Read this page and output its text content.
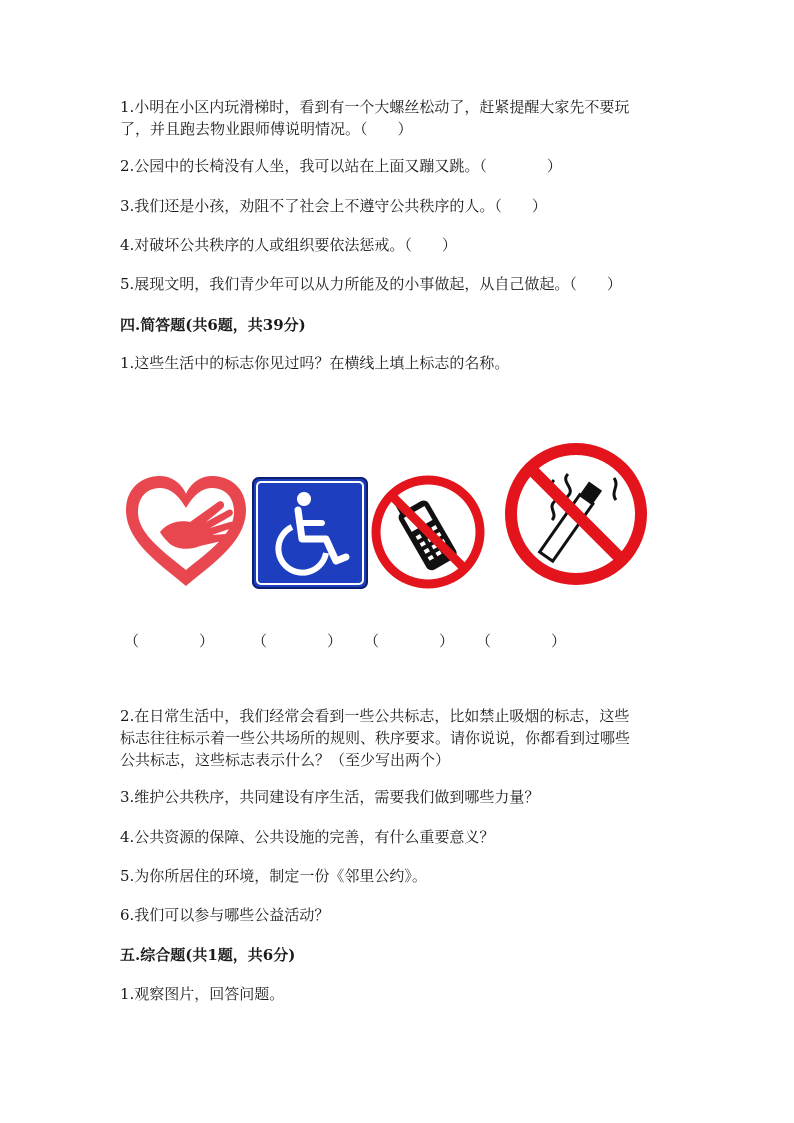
1.小明在小区内玩滑梯时，看到有一个大螺丝松动了，赶紧提醒大家先不要玩
了，并且跑去物业跟师傅说明情况。（　　）
2.公园中的长椅没有人坐，我可以站在上面又蹦又跳。（　　　　）
3.我们还是小孩，劝阻不了社会上不遵守公共秩序的人。（　　）
4.对破坏公共秩序的人或组织要依法惩戒。（　　）
5.展现文明，我们青少年可以从力所能及的小事做起，从自己做起。（　　）
四.简答题(共6题，共39分)
1.这些生活中的标志你见过吗？在横线上填上标志的名称。
（　　　　）	（　　　　） （　　　　） （　　　　）
2.在日常生活中，我们经常会看到一些公共标志，比如禁止吸烟的标志，这些
标志往往标示着一些公共场所的规则、秩序要求。请你说说，你都看到过哪些
公共标志，这些标志表示什么？（至少写出两个）
3.维护公共秩序，共同建设有序生活，需要我们做到哪些力量？
4.公共资源的保障、公共设施的完善，有什么重要意义？
5.为你所居住的环境，制定一份《邻里公约》。
6.我们可以参与哪些公益活动？
五.综合题(共1题，共6分)
1.观察图片，回答问题。
